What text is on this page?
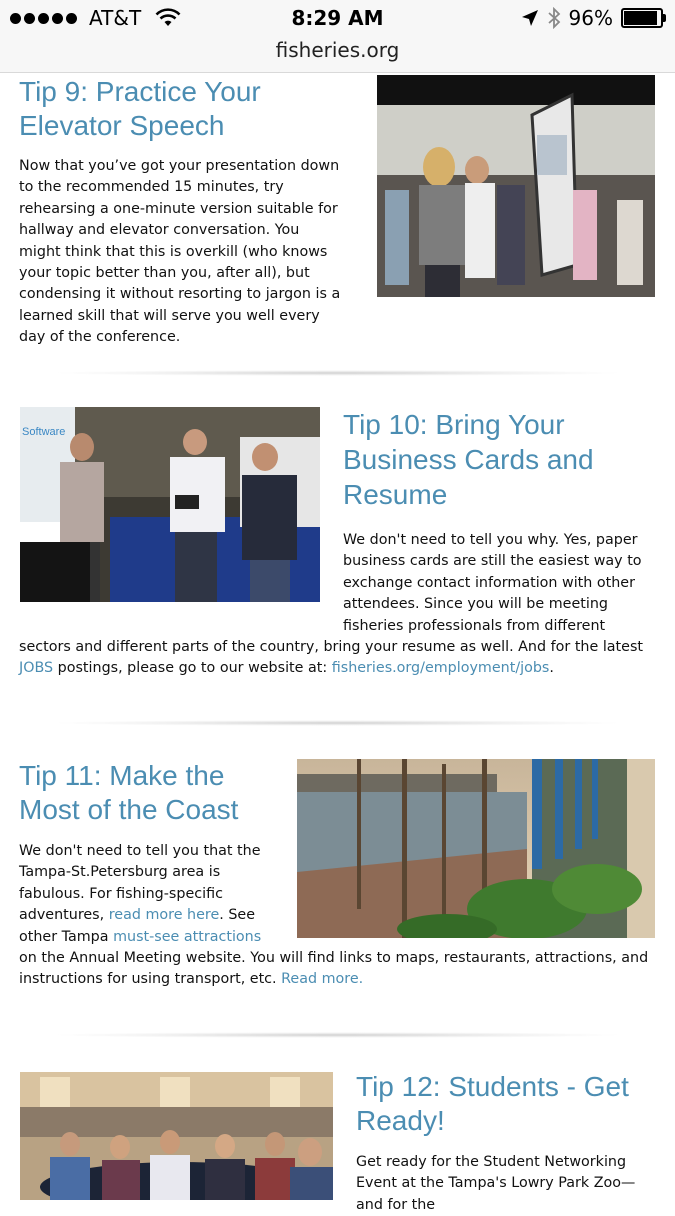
AT&T	8:29 AM	96%
fisheries.org
Tip 9: Practice Your Elevator Speech
Now that you’ve got your presentation down to the recommended 15 minutes, try rehearsing a one-minute version suitable for hallway and elevator conversation. You might think that this is overkill (who knows your topic better than you, after all), but condensing it without resorting to jargon is a learned skill that will serve you well every day of the conference.
Software	Tip 10: Bring Your Business Cards and Resume
We don't need to tell you why. Yes, paper business cards are still the easiest way to exchange contact information with other attendees. Since you will be meeting fisheries professionals from different sectors and different parts of the country, bring your resume as well. And for the latest JOBS postings, please go to our website at: fisheries.org/employment/jobs.
Tip 11: Make the Most of the Coast
We don't need to tell you that the Tampa-St.Petersburg area is fabulous. For fishing-specific adventures, read more here. See other Tampa must-see attractions on the Annual Meeting website. You will find links to maps, restaurants, attractions, and instructions for using transport, etc. Read more.
Tip 12: Students - Get Ready!
Get ready for the Student Networking Event at the Tampa's Lowry Park Zoo—and for the
